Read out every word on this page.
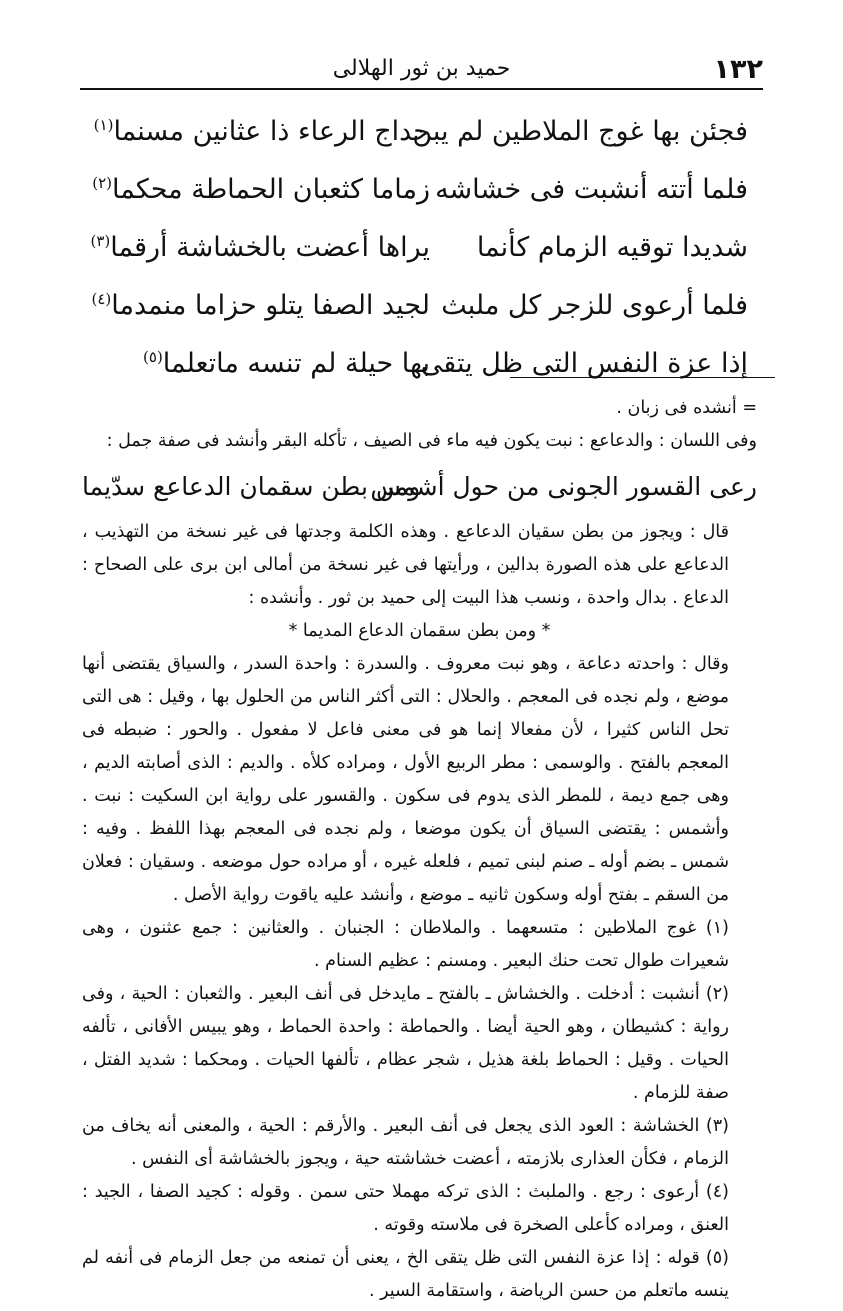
١٣٢
حميد بن ثور الهلالى
فجئن بها غوج الملاطين لم يبن
حداج الرعاء ذا عثانين مسنما$^{(١)}$
فلما أتته أنشبت فى خشاشه
زماما كثعبان الحماطة محكما$^{(٢)}$
شديدا توقيه الزمام كأنما
يراها أعضت بالخشاشة أرقما$^{(٣)}$
فلما أرعوى للزجر كل ملبث
لجيد الصفا يتلو حزاما منمدما$^{(٤)}$
إذا عزة النفس التى ظل يتقى
بها حيلة لم تنسه ماتعلما$^{(٥)}$

= أنشده فى زبان .

وفى اللسان : والدعاعع : نبت يكون فيه ماء فى الصيف ، تأكله البقر وأنشد فى صفة جمل :

رعى القسور الجونى من حول أشمس
ومن بطن سقمان الدعاعع سدّيما

قال : ويجوز من بطن سقيان الدعاعع . وهذه الكلمة وجدتها فى غير نسخة من التهذيب ، الدعاعع على هذه الصورة بدالين ، ورأيتها فى غير نسخة من أمالى ابن برى على الصحاح : الدعاع . بدال واحدة ، ونسب هذا البيت إلى حميد بن ثور . وأنشده :

* ومن بطن سقمان الدعاع المديما *

وقال : واحدته دعاعة ، وهو نبت معروف . والسدرة : واحدة السدر ، والسياق يقتضى أنها موضع ، ولم نجده فى المعجم . والحلال : التى أكثر الناس من الحلول بها ، وقيل : هى التى تحل الناس كثيرا ، لأن مفعالا إنما هو فى معنى فاعل لا مفعول . والحور : ضبطه فى المعجم بالفتح . والوسمى : مطر الربيع الأول ، ومراده كلأه . والديم : الذى أصابته الديم ، وهى جمع ديمة ، للمطر الذى يدوم فى سكون . والقسور على رواية ابن السكيت : نبت . وأشمس : يقتضى السياق أن يكون موضعا ، ولم نجده فى المعجم بهذا اللفظ . وفيه : شمس ـ بضم أوله ـ صنم لبنى تميم ، فلعله غيره ، أو مراده حول موضعه . وسقيان : فعلان من السقم ـ بفتح أوله وسكون ثانيه ـ موضع ، وأنشد عليه ياقوت رواية الأصل .

(١) غوج الملاطين : متسعهما . والملاطان : الجنبان . والعثانين : جمع عثنون ، وهى شعيرات طوال تحت حنك البعير . ومسنم : عظيم السنام .

(٢) أنشبت : أدخلت . والخشاش ـ بالفتح ـ مايدخل فى أنف البعير . والثعبان : الحية ، وفى رواية : كشيطان ، وهو الحية أيضا . والحماطة : واحدة الحماط ، وهو يبيس الأفانى ، تألفه الحيات . وقيل : الحماط بلغة هذيل ، شجر عظام ، تألفها الحيات . ومحكما : شديد الفتل ، صفة للزمام .

(٣) الخشاشة : العود الذى يجعل فى أنف البعير . والأرقم : الحية ، والمعنى أنه يخاف من الزمام ، فكأن العذارى بلازمته ، أعضت خشاشته حية ، ويجوز بالخشاشة أى النفس .

(٤) أرعوى : رجع . والملبث : الذى تركه مهملا حتى سمن . وقوله : كجيد الصفا ، الجيد : العنق ، ومراده كأعلى الصخرة فى ملاسته وقوته .

(٥) قوله : إذا عزة النفس التى ظل يتقى الخ ، يعنى أن تمنعه من جعل الزمام فى أنفه لم ينسه ماتعلم من حسن الرياضة ، واستقامة السير .
